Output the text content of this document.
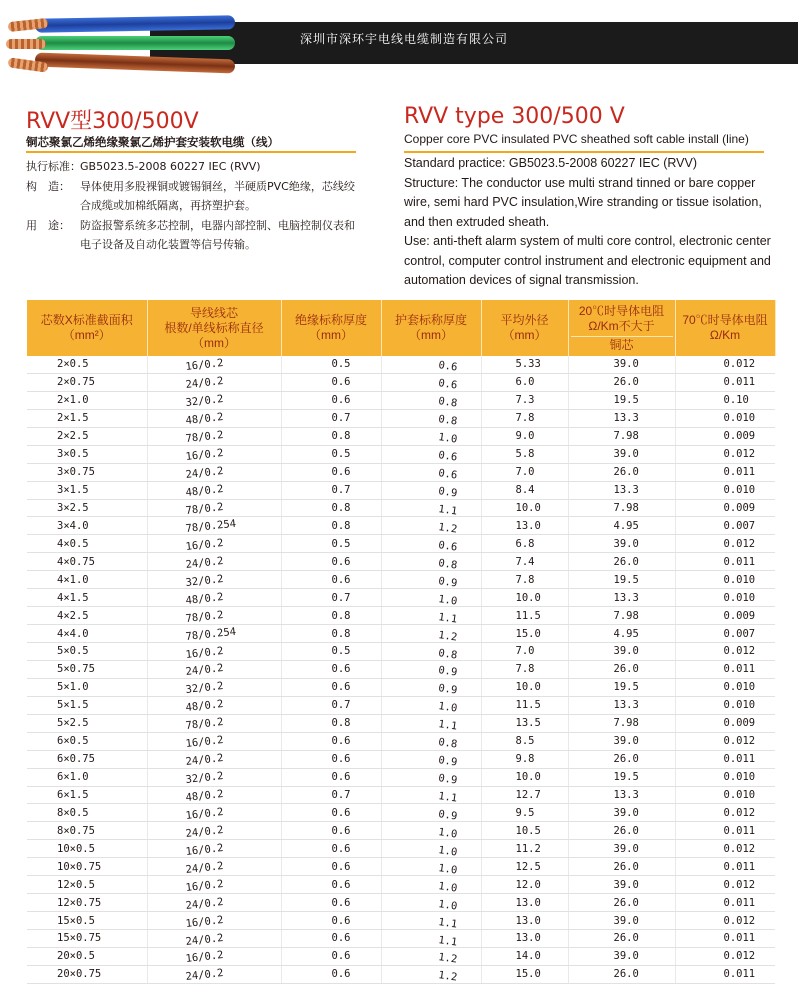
深圳市深环宇电线电缆制造有限公司
RVV型300/500V	RVV type 300/500 V
铜芯聚氯乙烯绝缘聚氯乙烯护套安装软电缆（线）	Copper core PVC insulated PVC sheathed soft cable install (line)
执行标准： GB5023.5-2008 60227 IEC (RVV)
构　造： 导体使用多股裸铜或镀锡铜丝，半硬质PVC绝缘，芯线绞合成缆或加棉纸隔离，再挤塑护套。
用　途： 防盗报警系统多芯控制，电器内部控制、电脑控制仪表和电子设备及自动化装置等信号传输。

Standard practice: GB5023.5-2008 60227 IEC (RVV)

Structure: The conductor use multi strand tinned or bare copper wire, semi hard PVC insulation,Wire stranding or tissue isolation, and then extruded sheath.

Use: anti-theft alarm system of multi core control, electronic center control, computer control instrument and electronic equipment and automation devices of signal transmission.

芯数X标准截面积
（mm²）	导线线芯
根数/单线标称直径
（mm）	绝缘标称厚度
（mm）	护套标称厚度
（mm）	平均外径
（mm）	20℃时导体电阻
Ω/Km不大于
铜芯	70℃时导体电阻
Ω/Km
2×0.5	16/0.2	0.5	0.6	5.33	39.0	0.012
2×0.75	24/0.2	0.6	0.6	6.0	26.0	0.011
2×1.0	32/0.2	0.6	0.8	7.3	19.5	0.10
2×1.5	48/0.2	0.7	0.8	7.8	13.3	0.010
2×2.5	78/0.2	0.8	1.0	9.0	7.98	0.009
3×0.5	16/0.2	0.5	0.6	5.8	39.0	0.012
3×0.75	24/0.2	0.6	0.6	7.0	26.0	0.011
3×1.5	48/0.2	0.7	0.9	8.4	13.3	0.010
3×2.5	78/0.2	0.8	1.1	10.0	7.98	0.009
3×4.0	78/0.254	0.8	1.2	13.0	4.95	0.007
4×0.5	16/0.2	0.5	0.6	6.8	39.0	0.012
4×0.75	24/0.2	0.6	0.8	7.4	26.0	0.011
4×1.0	32/0.2	0.6	0.9	7.8	19.5	0.010
4×1.5	48/0.2	0.7	1.0	10.0	13.3	0.010
4×2.5	78/0.2	0.8	1.1	11.5	7.98	0.009
4×4.0	78/0.254	0.8	1.2	15.0	4.95	0.007
5×0.5	16/0.2	0.5	0.8	7.0	39.0	0.012
5×0.75	24/0.2	0.6	0.9	7.8	26.0	0.011
5×1.0	32/0.2	0.6	0.9	10.0	19.5	0.010
5×1.5	48/0.2	0.7	1.0	11.5	13.3	0.010
5×2.5	78/0.2	0.8	1.1	13.5	7.98	0.009
6×0.5	16/0.2	0.6	0.8	8.5	39.0	0.012
6×0.75	24/0.2	0.6	0.9	9.8	26.0	0.011
6×1.0	32/0.2	0.6	0.9	10.0	19.5	0.010
6×1.5	48/0.2	0.7	1.1	12.7	13.3	0.010
8×0.5	16/0.2	0.6	0.9	9.5	39.0	0.012
8×0.75	24/0.2	0.6	1.0	10.5	26.0	0.011
10×0.5	16/0.2	0.6	1.0	11.2	39.0	0.012
10×0.75	24/0.2	0.6	1.0	12.5	26.0	0.011
12×0.5	16/0.2	0.6	1.0	12.0	39.0	0.012
12×0.75	24/0.2	0.6	1.0	13.0	26.0	0.011
15×0.5	16/0.2	0.6	1.1	13.0	39.0	0.012
15×0.75	24/0.2	0.6	1.1	13.0	26.0	0.011
20×0.5	16/0.2	0.6	1.2	14.0	39.0	0.012
20×0.75	24/0.2	0.6	1.2	15.0	26.0	0.011
